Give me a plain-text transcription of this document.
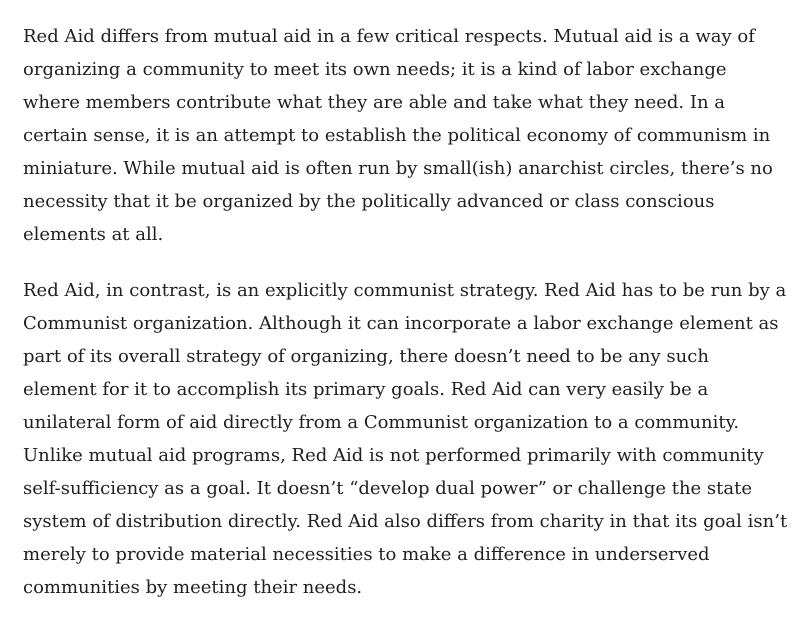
Red Aid differs from mutual aid in a few critical respects. Mutual aid is a way of organizing a community to meet its own needs; it is a kind of labor exchange where members contribute what they are able and take what they need. In a certain sense, it is an attempt to establish the political economy of communism in miniature. While mutual aid is often run by small(ish) anarchist circles, there’s no necessity that it be organized by the politically advanced or class conscious elements at all.

Red Aid, in contrast, is an explicitly communist strategy. Red Aid has to be run by a Communist organization. Although it can incorporate a labor exchange element as part of its overall strategy of organizing, there doesn’t need to be any such element for it to accomplish its primary goals. Red Aid can very easily be a unilateral form of aid directly from a Communist organization to a community. Unlike mutual aid programs, Red Aid is not performed primarily with community self-sufficiency as a goal. It doesn’t “develop dual power” or challenge the state system of distribution directly. Red Aid also differs from charity in that its goal isn’t merely to provide material necessities to make a difference in underserved communities by meeting their needs.
